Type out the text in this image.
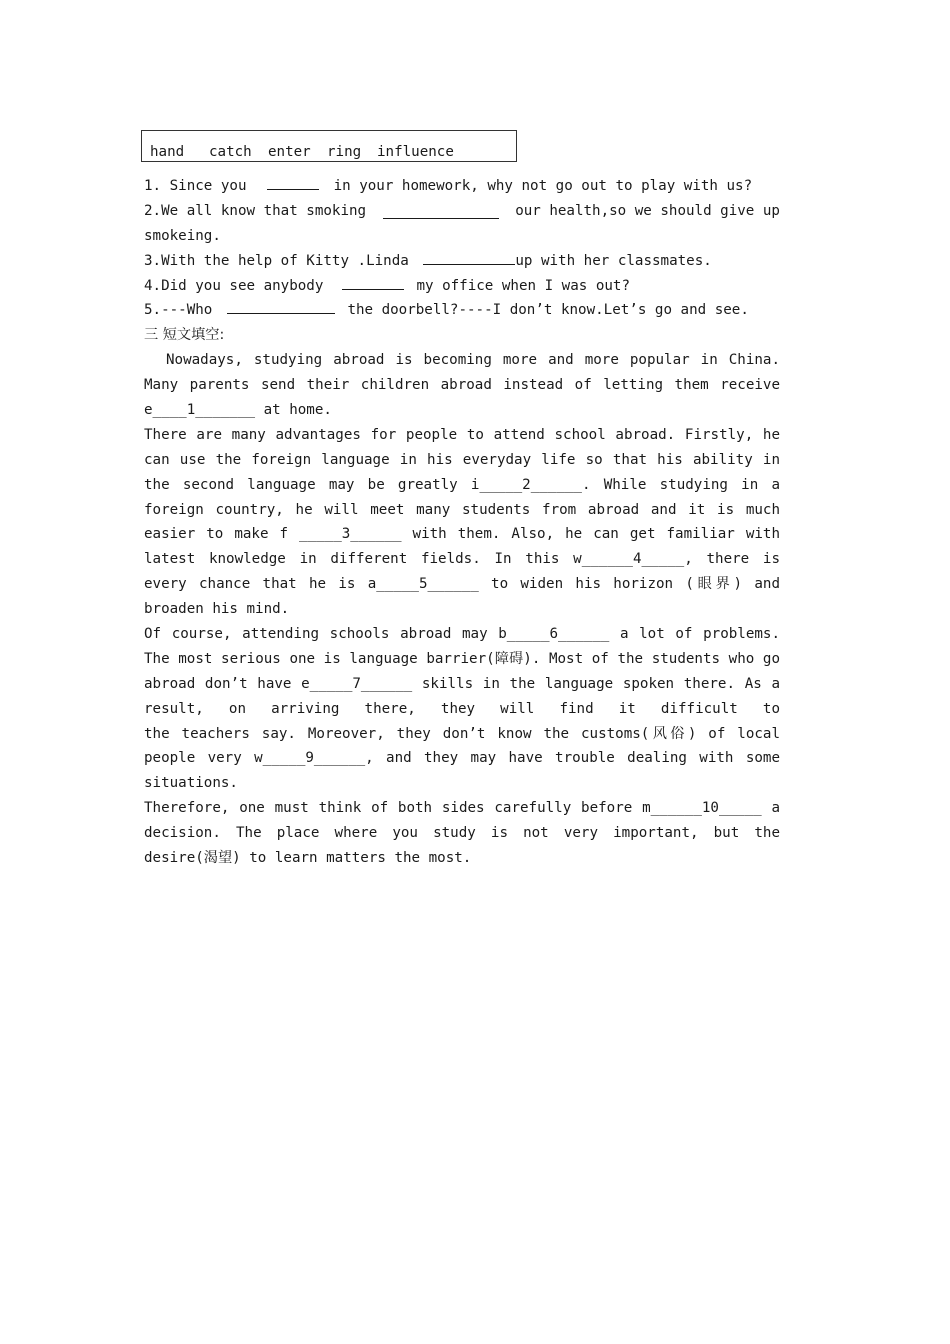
hand catch enter ring influence
1. Since you	in your homework, why not go out to play with us?
2.We all know that smoking	our health,so we should give up
smokeing.
3.With the help of Kitty .Linda	up with her classmates.
4.Did you see anybody	my office when I was out?
5.---Who	the doorbell?----I don’t know.Let’s go and see.
三 短文填空:
Nowadays, studying abroad is becoming more and more popular in China.
Many parents send their children abroad instead of letting them receive
e____1_______ at home.
There are many advantages for people to attend school abroad. Firstly, he
can use the foreign language in his everyday life so that his ability in
the second language may be greatly i_____2______. While studying in a
foreign country, he will meet many students from abroad and it is much
easier to make f _____3______ with them. Also, he can get familiar with
latest knowledge in different fields. In this w______4_____, there is
every chance that he is a_____5______ to widen his horizon (眼界) and
broaden his mind.
Of course, attending schools abroad may b_____6______ a lot of problems.
The most serious one is language barrier(障碍). Most of the students who go
abroad don’t have e_____7______ skills in the language spoken there. As a
result, on arriving there, they will find it difficult to
the teachers say. Moreover, they don’t know the customs(风俗) of local
people very w_____9______, and they may have trouble dealing with some
situations.
Therefore, one must think of both sides carefully before m______10_____ a
decision. The place where you study is not very important, but the
desire(渴望) to learn matters the most.
